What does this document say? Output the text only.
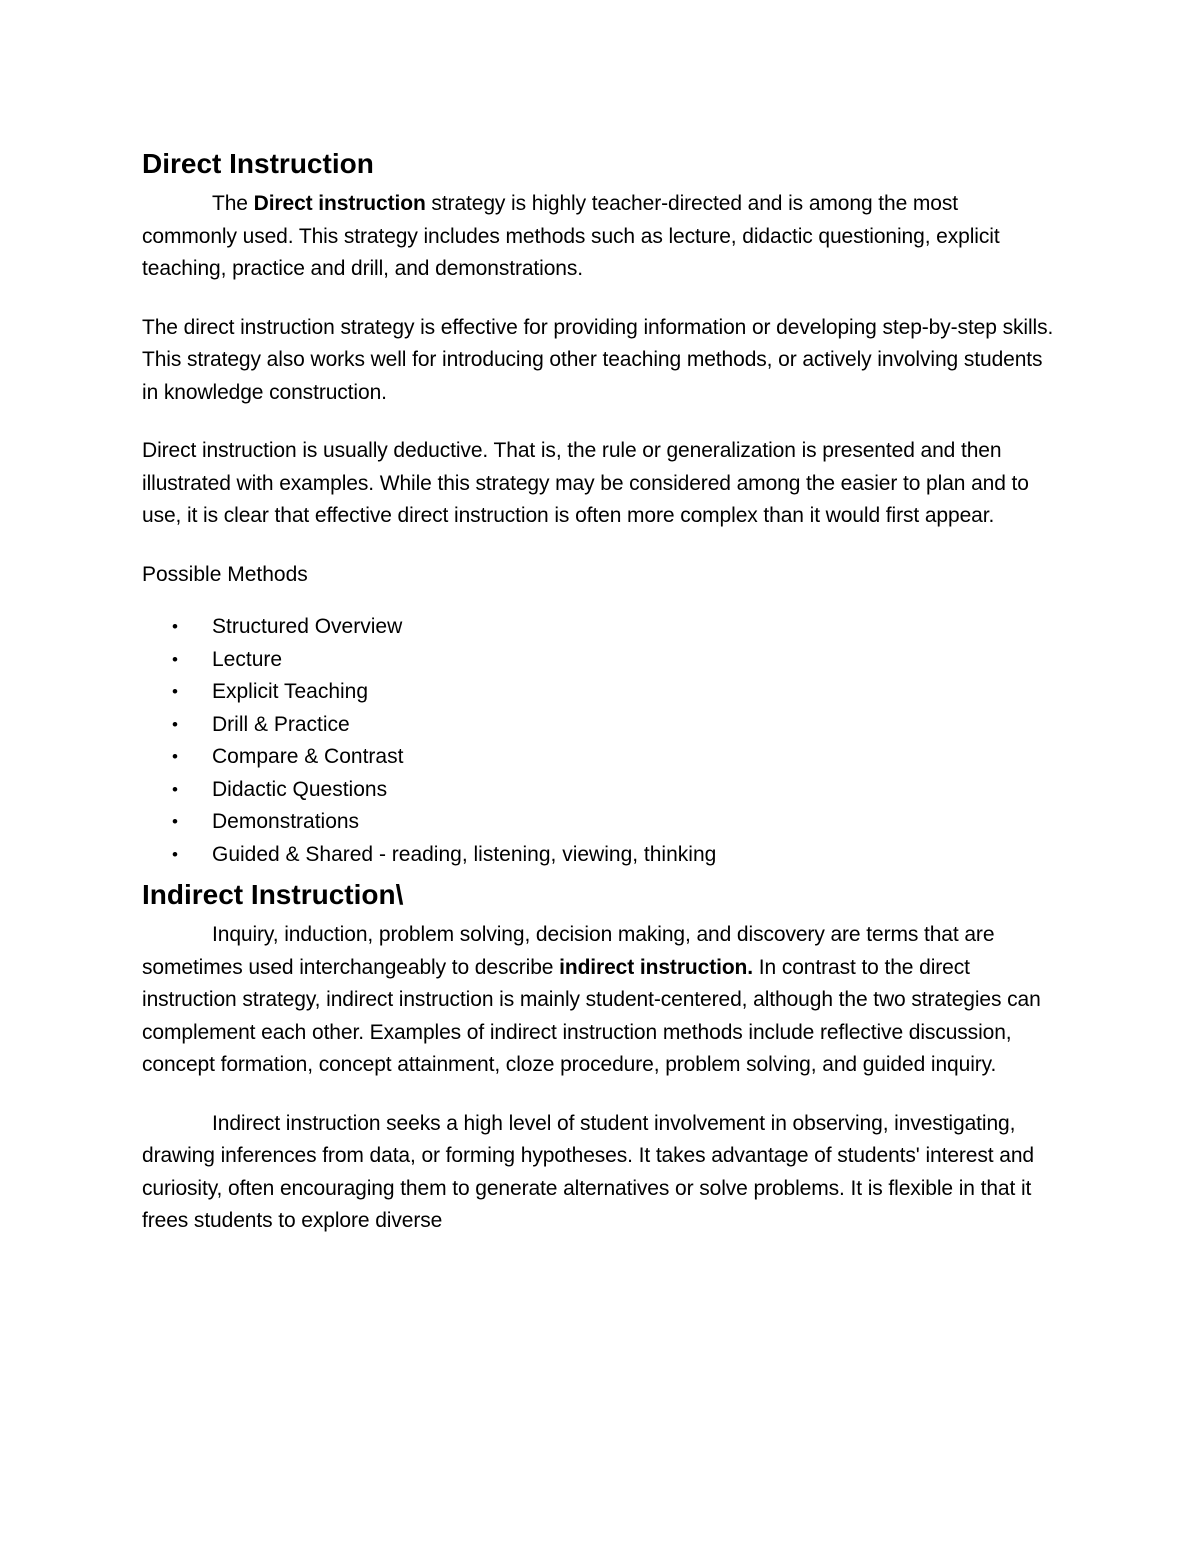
Direct Instruction

The Direct instruction strategy is highly teacher-directed and is among the most commonly used. This strategy includes methods such as lecture, didactic questioning, explicit teaching, practice and drill, and demonstrations.

The direct instruction strategy is effective for providing information or developing step-by-step skills. This strategy also works well for introducing other teaching methods, or actively involving students in knowledge construction.

Direct instruction is usually deductive. That is, the rule or generalization is presented and then illustrated with examples. While this strategy may be considered among the easier to plan and to use, it is clear that effective direct instruction is often more complex than it would first appear.

Possible Methods

• Structured Overview
• Lecture
• Explicit Teaching
• Drill & Practice
• Compare & Contrast
• Didactic Questions
• Demonstrations
• Guided & Shared - reading, listening, viewing, thinking
Indirect Instruction\

Inquiry, induction, problem solving, decision making, and discovery are terms that are sometimes used interchangeably to describe indirect instruction. In contrast to the direct instruction strategy, indirect instruction is mainly student-centered, although the two strategies can complement each other. Examples of indirect instruction methods include reflective discussion, concept formation, concept attainment, cloze procedure, problem solving, and guided inquiry.

Indirect instruction seeks a high level of student involvement in observing, investigating, drawing inferences from data, or forming hypotheses. It takes advantage of students' interest and curiosity, often encouraging them to generate alternatives or solve problems. It is flexible in that it frees students to explore diverse
